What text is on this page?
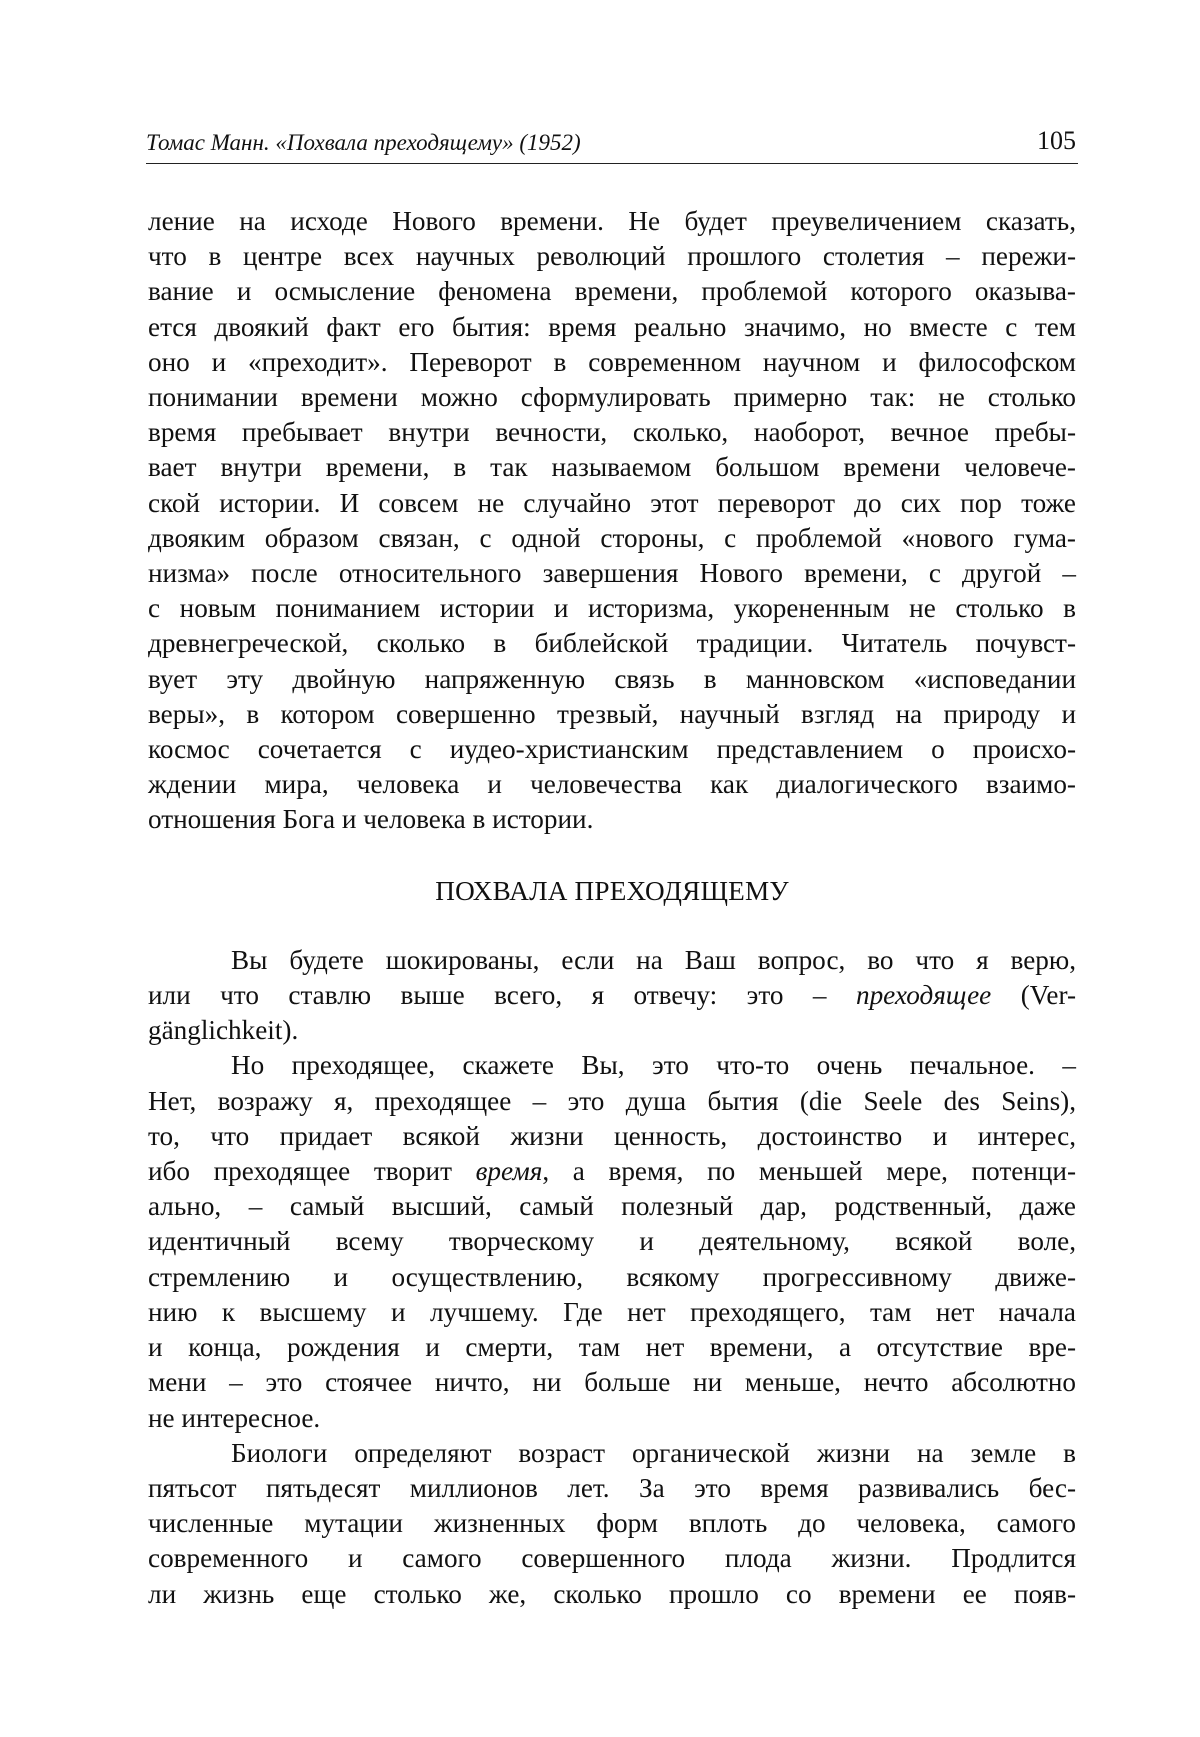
Томас Манн. «Похвала преходящему» (1952)	105
ление на исходе Нового времени. Не будет преувеличением сказать,
что в центре всех научных революций прошлого столетия – пережи-
вание и осмысление феномена времени, проблемой которого оказыва-
ется двоякий факт его бытия: время реально значимо, но вместе с тем
оно и «преходит». Переворот в современном научном и философском
понимании времени можно сформулировать примерно так: не столько
время пребывает внутри вечности, сколько, наоборот, вечное пребы-
вает внутри времени, в так называемом большом времени человече-
ской истории. И совсем не случайно этот переворот до сих пор тоже
двояким образом связан, с одной стороны, с проблемой «нового гума-
низма» после относительного завершения Нового времени, с другой –
с новым пониманием истории и историзма, укорененным не столько в
древнегреческой, сколько в библейской традиции. Читатель почувст-
вует эту двойную напряженную связь в манновском «исповедании
веры», в котором совершенно трезвый, научный взгляд на природу и
космос сочетается с иудео-христианским представлением о происхо-
ждении мира, человека и человечества как диалогического взаимо-
отношения Бога и человека в истории.
ПОХВАЛА ПРЕХОДЯЩЕМУ
Вы будете шокированы, если на Ваш вопрос, во что я верю,
или что ставлю выше всего, я отвечу: это – преходящее (Ver-
gänglichkeit).
Но преходящее, скажете Вы, это что-то очень печальное. –
Нет, возражу я, преходящее – это душа бытия (die Seele des Seins),
то, что придает всякой жизни ценность, достоинство и интерес,
ибо преходящее творит время, а время, по меньшей мере, потенци-
ально, – самый высший, самый полезный дар, родственный, даже
идентичный всему творческому и деятельному, всякой воле,
стремлению и осуществлению, всякому прогрессивному движе-
нию к высшему и лучшему. Где нет преходящего, там нет начала
и конца, рождения и смерти, там нет времени, а отсутствие вре-
мени – это стоячее ничто, ни больше ни меньше, нечто абсолютно
не интересное.
Биологи определяют возраст органической жизни на земле в
пятьсот пятьдесят миллионов лет. За это время развивались бес-
численные мутации жизненных форм вплоть до человека, самого
современного и самого совершенного плода жизни. Продлится
ли жизнь еще столько же, сколько прошло со времени ее появ-
